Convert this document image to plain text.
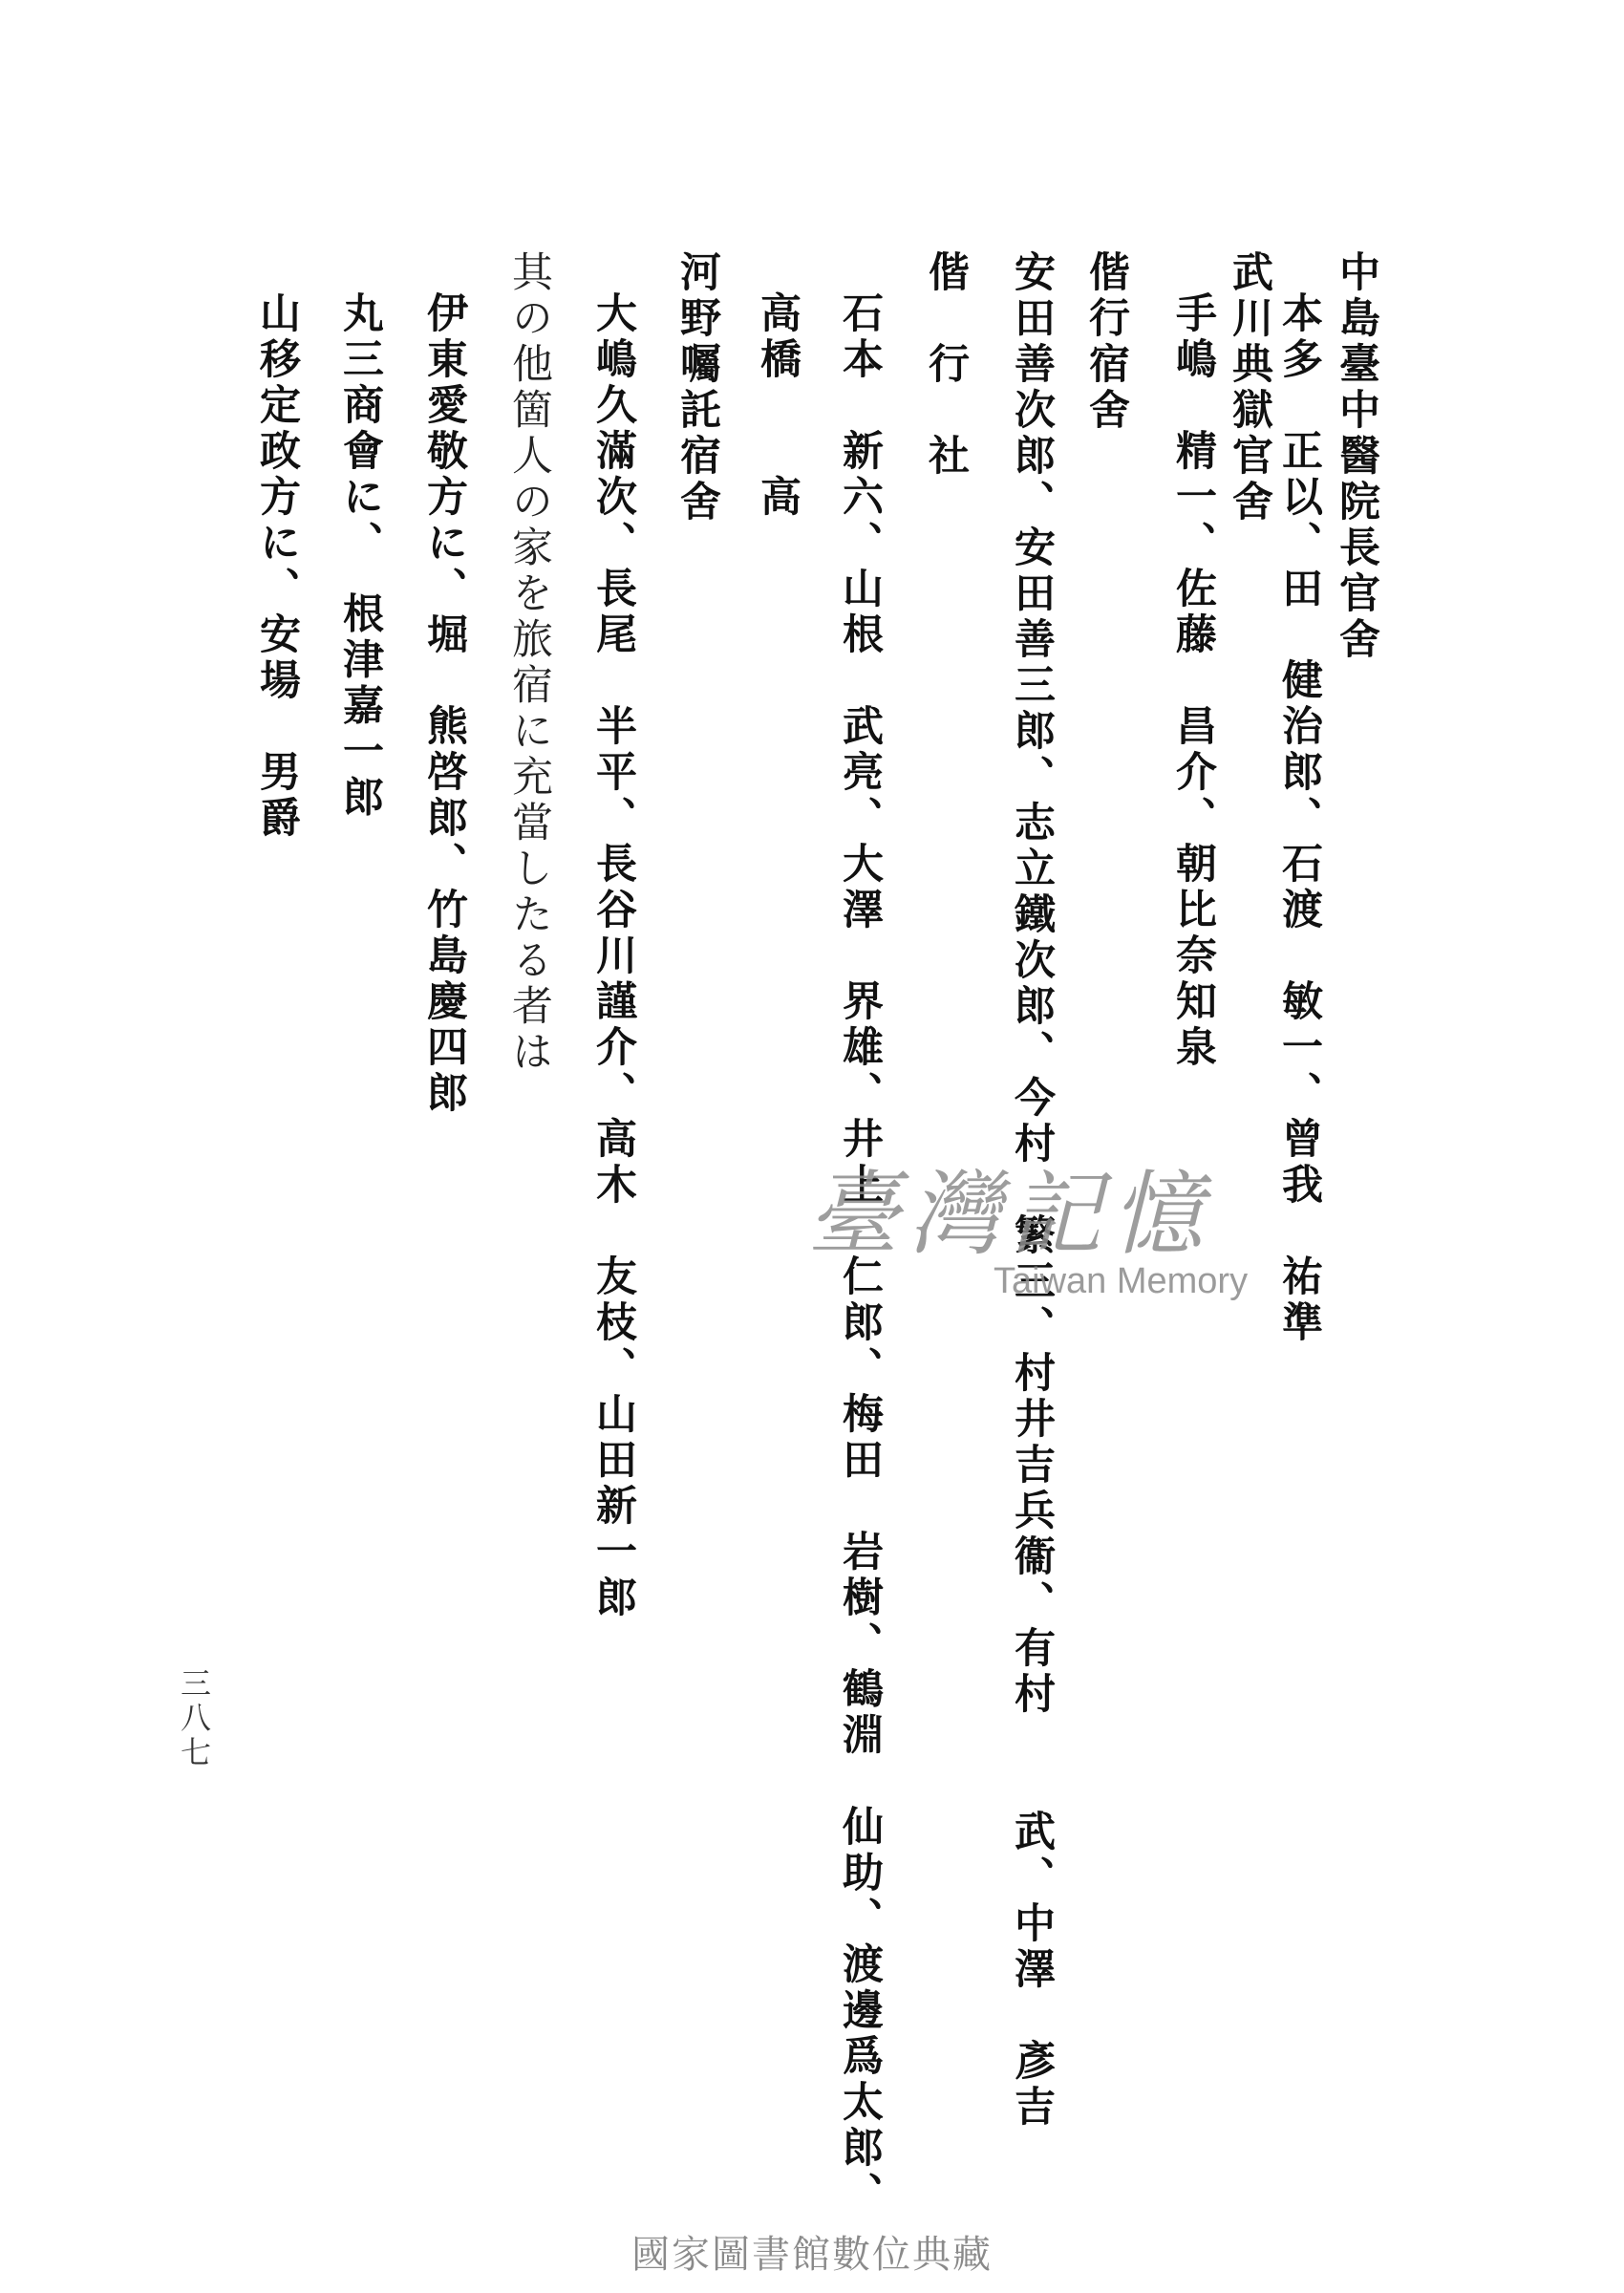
中島臺中醫院長官舍
本多　正以、田　健治郎、石渡　敏一、曾我　祐準
武川典獄官舍
手嶋　精一、佐藤　昌介、朝比奈知泉
偕行宿舍
安田善次郎、安田善三郎、志立鐵次郎、今村　繁三、村井吉兵衞、有村　　武、中澤　彥吉
偕　行　社
石本　新六、山根　武亮、大澤　界雄、井上　仁郎、梅田　岩樹、鶴淵　仙助、渡邊爲太郎、
高橋　　高
河野囑託宿舍
大嶋久滿次、長尾　半平、長谷川謹介、高木　友枝、山田新一郎
其の他箇人の家を旅宿に充當したる者は
伊東愛敬方に、堀　熊啓郎、竹島慶四郎
丸三商會に、　根津嘉一郎
山移定政方に、安場　男爵
三八七
臺灣記憶
Taiwan Memory
國家圖書館數位典藏
